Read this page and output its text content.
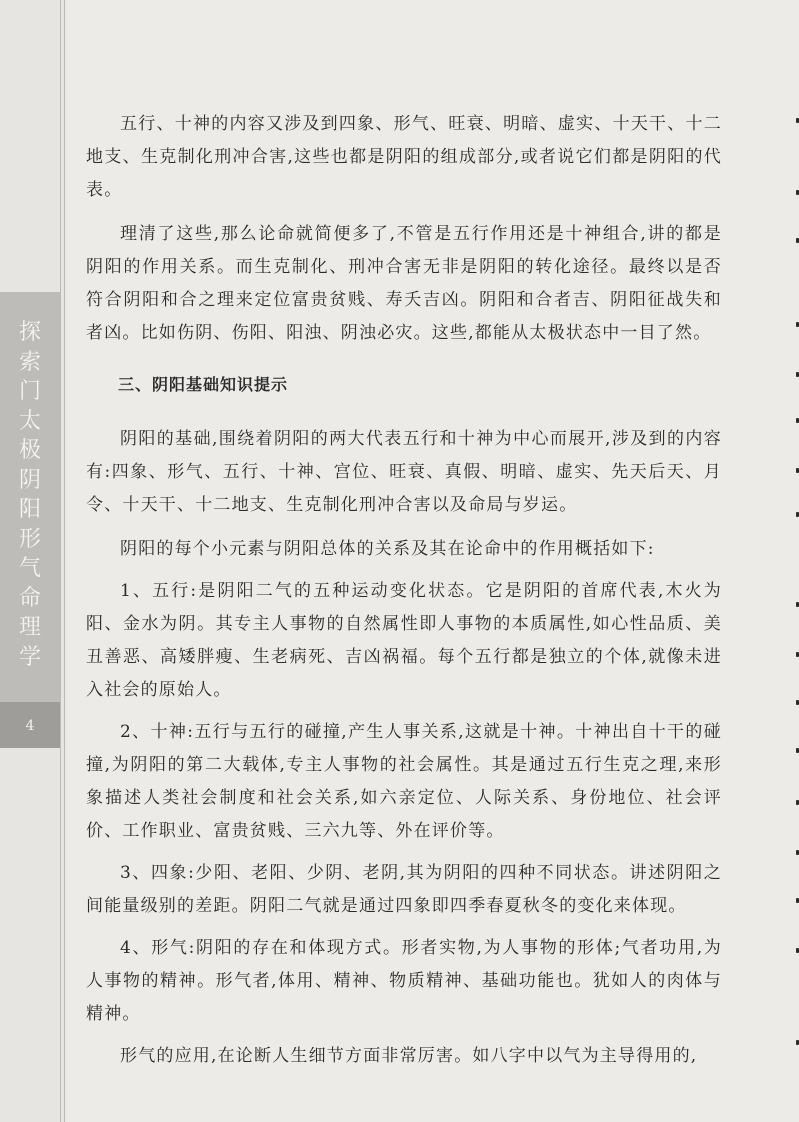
探
索
门
太
极
阴
阳
形
气
命
理
学
4

五行、十神的内容又涉及到四象、形气、旺衰、明暗、虚实、十天干、十二地支、生克制化刑冲合害,这些也都是阴阳的组成部分,或者说它们都是阴阳的代表。

理清了这些,那么论命就简便多了,不管是五行作用还是十神组合,讲的都是阴阳的作用关系。而生克制化、刑冲合害无非是阴阳的转化途径。最终以是否符合阴阳和合之理来定位富贵贫贱、寿夭吉凶。阴阳和合者吉、阴阳征战失和者凶。比如伤阴、伤阳、阳浊、阴浊必灾。这些,都能从太极状态中一目了然。

三、阴阳基础知识提示

阴阳的基础,围绕着阴阳的两大代表五行和十神为中心而展开,涉及到的内容有:四象、形气、五行、十神、宫位、旺衰、真假、明暗、虚实、先天后天、月令、十天干、十二地支、生克制化刑冲合害以及命局与岁运。

阴阳的每个小元素与阴阳总体的关系及其在论命中的作用概括如下:

1、五行:是阴阳二气的五种运动变化状态。它是阴阳的首席代表,木火为阳、金水为阴。其专主人事物的自然属性即人事物的本质属性,如心性品质、美丑善恶、高矮胖瘦、生老病死、吉凶祸福。每个五行都是独立的个体,就像未进入社会的原始人。

2、十神:五行与五行的碰撞,产生人事关系,这就是十神。十神出自十干的碰撞,为阴阳的第二大载体,专主人事物的社会属性。其是通过五行生克之理,来形象描述人类社会制度和社会关系,如六亲定位、人际关系、身份地位、社会评价、工作职业、富贵贫贱、三六九等、外在评价等。

3、四象:少阳、老阳、少阴、老阴,其为阴阳的四种不同状态。讲述阴阳之间能量级别的差距。阴阳二气就是通过四象即四季春夏秋冬的变化来体现。

4、形气:阴阳的存在和体现方式。形者实物,为人事物的形体;气者功用,为人事物的精神。形气者,体用、精神、物质精神、基础功能也。犹如人的肉体与精神。

形气的应用,在论断人生细节方面非常厉害。如八字中以气为主导得用的,
